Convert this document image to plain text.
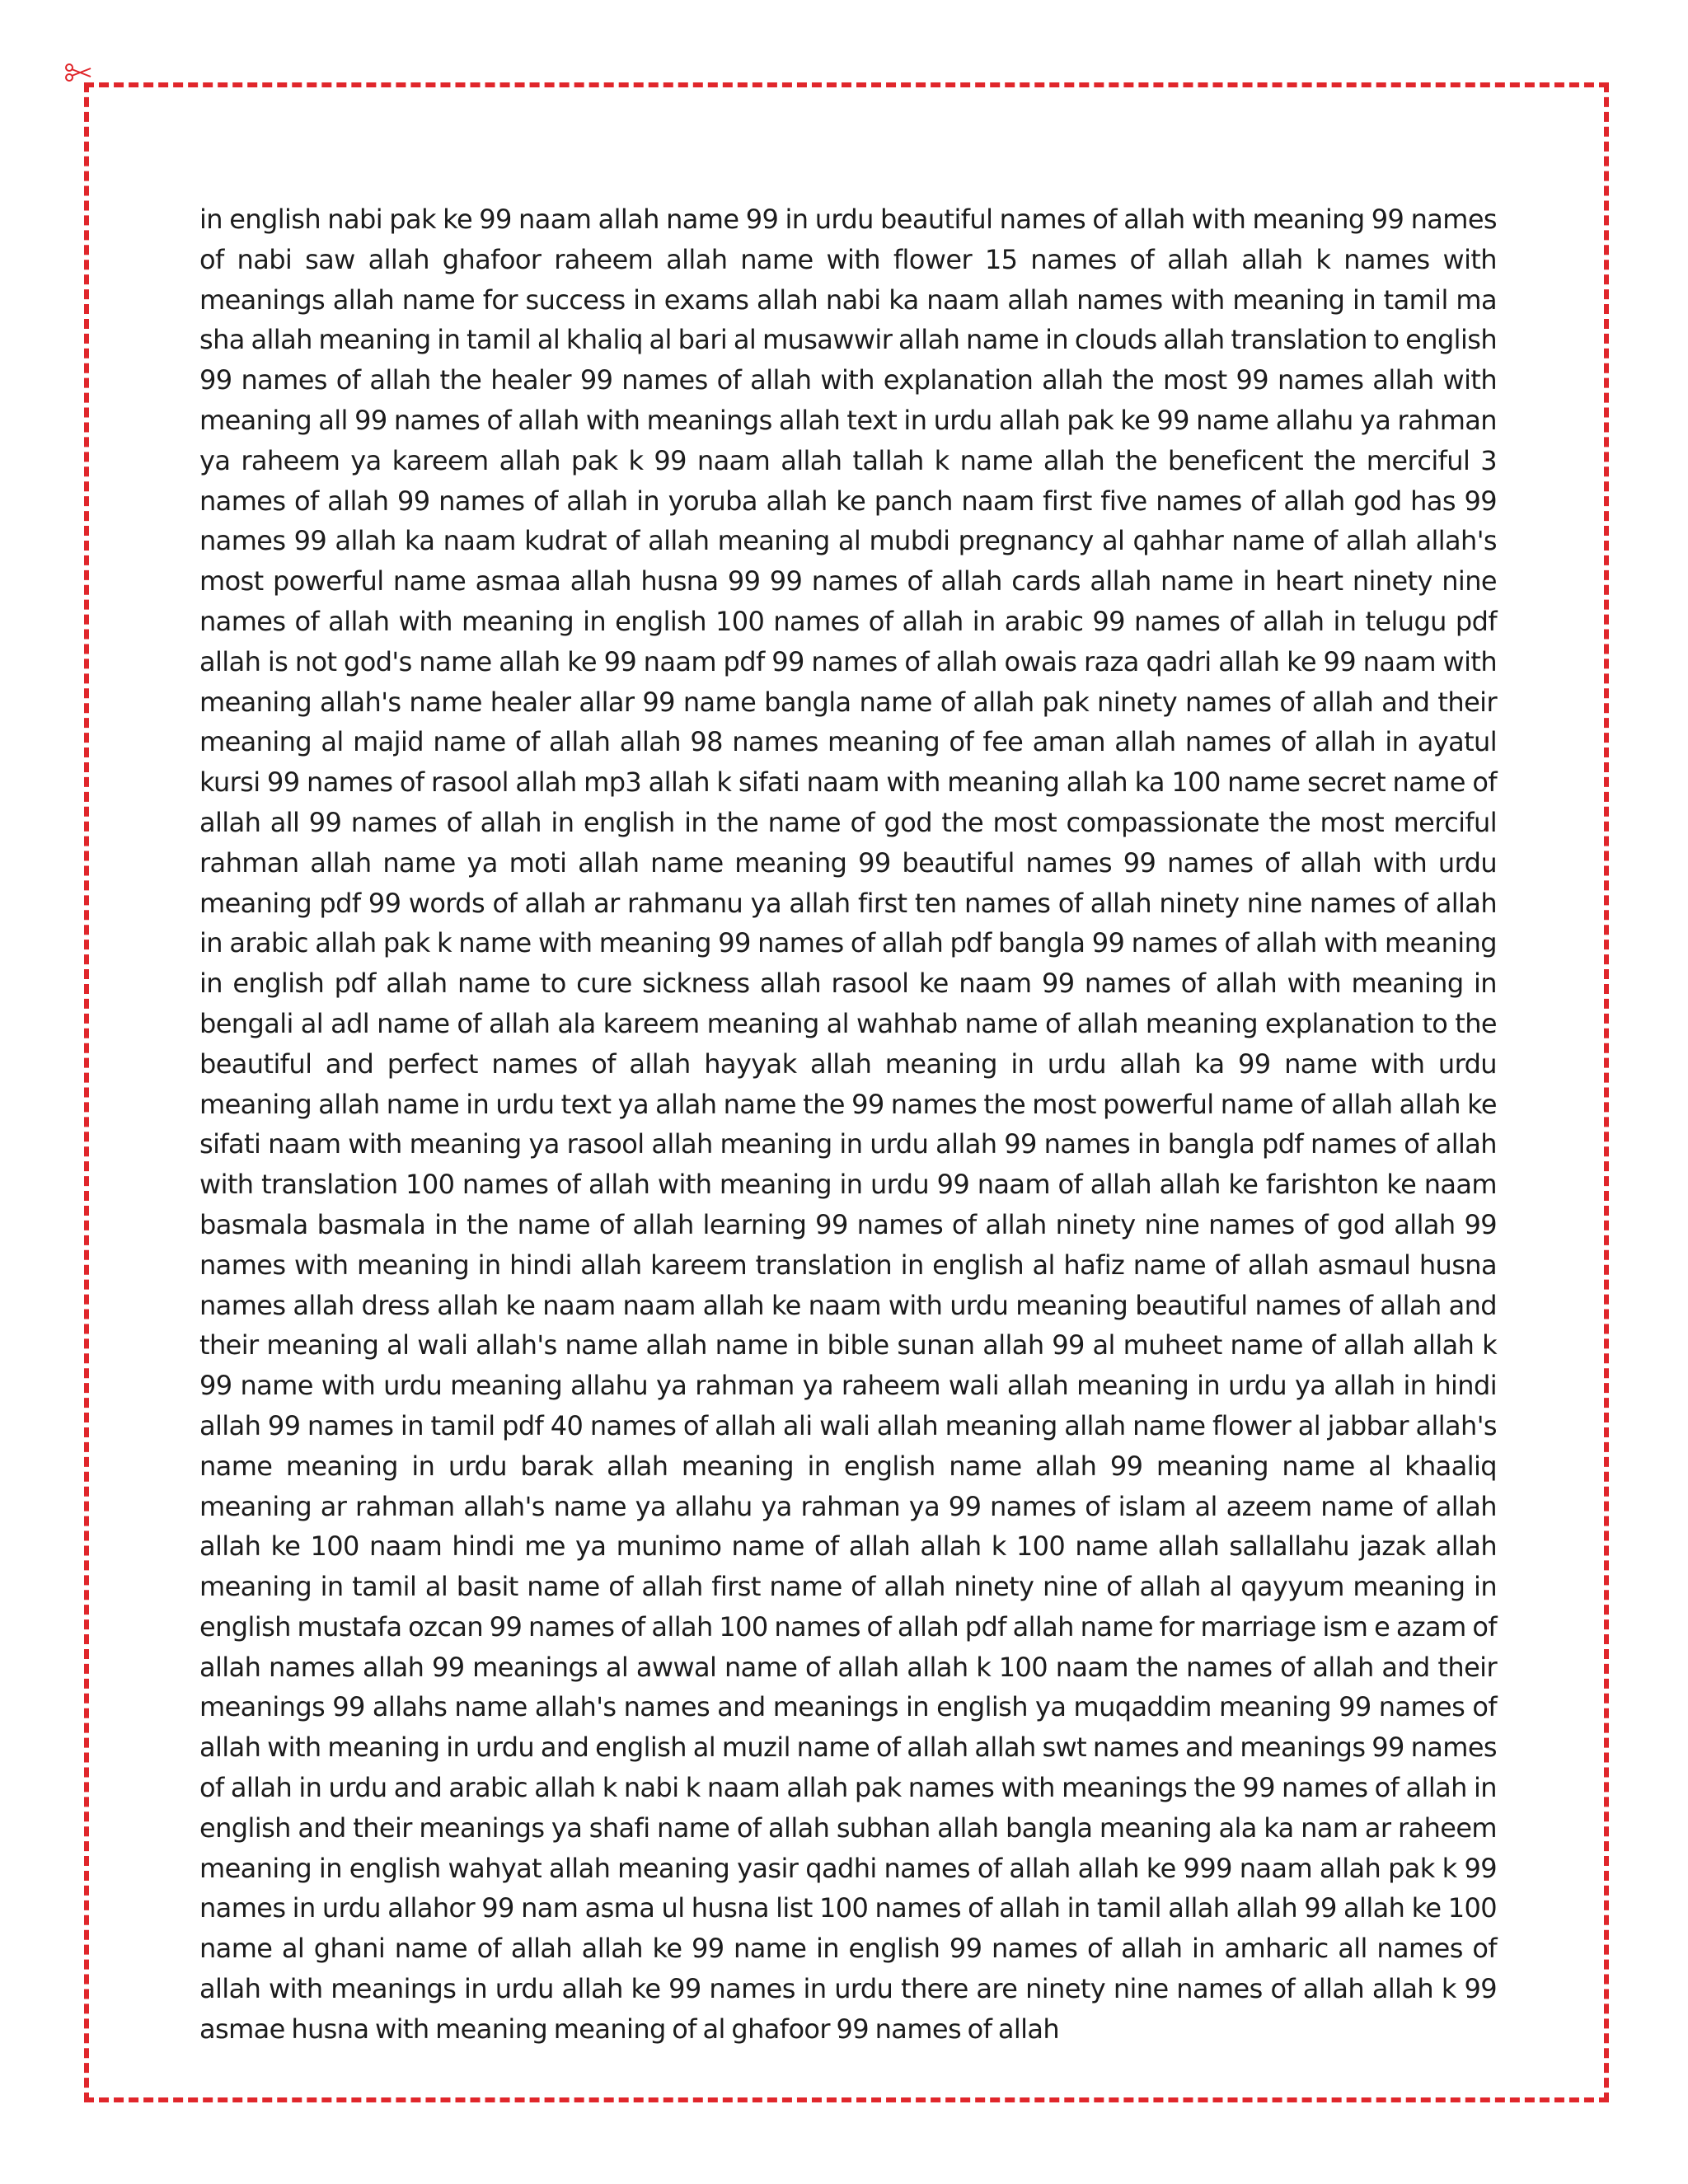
in english nabi pak ke 99 naam allah name 99 in urdu beautiful names of allah with meaning 99 names of nabi saw allah ghafoor raheem allah name with flower 15 names of allah allah k names with meanings allah name for success in exams allah nabi ka naam allah names with meaning in tamil ma sha allah meaning in tamil al khaliq al bari al musawwir allah name in clouds allah translation to english 99 names of allah the healer 99 names of allah with explanation allah the most 99 names allah with meaning all 99 names of allah with meanings allah text in urdu allah pak ke 99 name allahu ya rahman ya raheem ya kareem allah pak k 99 naam allah tallah k name allah the beneficent the merciful 3 names of allah 99 names of allah in yoruba allah ke panch naam first five names of allah god has 99 names 99 allah ka naam kudrat of allah meaning al mubdi pregnancy al qahhar name of allah allah's most powerful name asmaa allah husna 99 99 names of allah cards allah name in heart ninety nine names of allah with meaning in english 100 names of allah in arabic 99 names of allah in telugu pdf allah is not god's name allah ke 99 naam pdf 99 names of allah owais raza qadri allah ke 99 naam with meaning allah's name healer allar 99 name bangla name of allah pak ninety names of allah and their meaning al majid name of allah allah 98 names meaning of fee aman allah names of allah in ayatul kursi 99 names of rasool allah mp3 allah k sifati naam with meaning allah ka 100 name secret name of allah all 99 names of allah in english in the name of god the most compassionate the most merciful rahman allah name ya moti allah name meaning 99 beautiful names 99 names of allah with urdu meaning pdf 99 words of allah ar rahmanu ya allah first ten names of allah ninety nine names of allah in arabic allah pak k name with meaning 99 names of allah pdf bangla 99 names of allah with meaning in english pdf allah name to cure sickness allah rasool ke naam 99 names of allah with meaning in bengali al adl name of allah ala kareem meaning al wahhab name of allah meaning explanation to the beautiful and perfect names of allah hayyak allah meaning in urdu allah ka 99 name with urdu meaning allah name in urdu text ya allah name the 99 names the most powerful name of allah allah ke sifati naam with meaning ya rasool allah meaning in urdu allah 99 names in bangla pdf names of allah with translation 100 names of allah with meaning in urdu 99 naam of allah allah ke farishton ke naam basmala basmala in the name of allah learning 99 names of allah ninety nine names of god allah 99 names with meaning in hindi allah kareem translation in english al hafiz name of allah asmaul husna names allah dress allah ke naam naam allah ke naam with urdu meaning beautiful names of allah and their meaning al wali allah's name allah name in bible sunan allah 99 al muheet name of allah allah k 99 name with urdu meaning allahu ya rahman ya raheem wali allah meaning in urdu ya allah in hindi allah 99 names in tamil pdf 40 names of allah ali wali allah meaning allah name flower al jabbar allah's name meaning in urdu barak allah meaning in english name allah 99 meaning name al khaaliq meaning ar rahman allah's name ya allahu ya rahman ya 99 names of islam al azeem name of allah allah ke 100 naam hindi me ya munimo name of allah allah k 100 name allah sallallahu jazak allah meaning in tamil al basit name of allah first name of allah ninety nine of allah al qayyum meaning in english mustafa ozcan 99 names of allah 100 names of allah pdf allah name for marriage ism e azam of allah names allah 99 meanings al awwal name of allah allah k 100 naam the names of allah and their meanings 99 allahs name allah's names and meanings in english ya muqaddim meaning 99 names of allah with meaning in urdu and english al muzil name of allah allah swt names and meanings 99 names of allah in urdu and arabic allah k nabi k naam allah pak names with meanings the 99 names of allah in english and their meanings ya shafi name of allah subhan allah bangla meaning ala ka nam ar raheem meaning in english wahyat allah meaning yasir qadhi names of allah allah ke 999 naam allah pak k 99 names in urdu allahor 99 nam asma ul husna list 100 names of allah in tamil allah allah 99 allah ke 100 name al ghani name of allah allah ke 99 name in english 99 names of allah in amharic all names of allah with meanings in urdu allah ke 99 names in urdu there are ninety nine names of allah allah k 99 asmae husna with meaning meaning of al ghafoor 99 names of allah
